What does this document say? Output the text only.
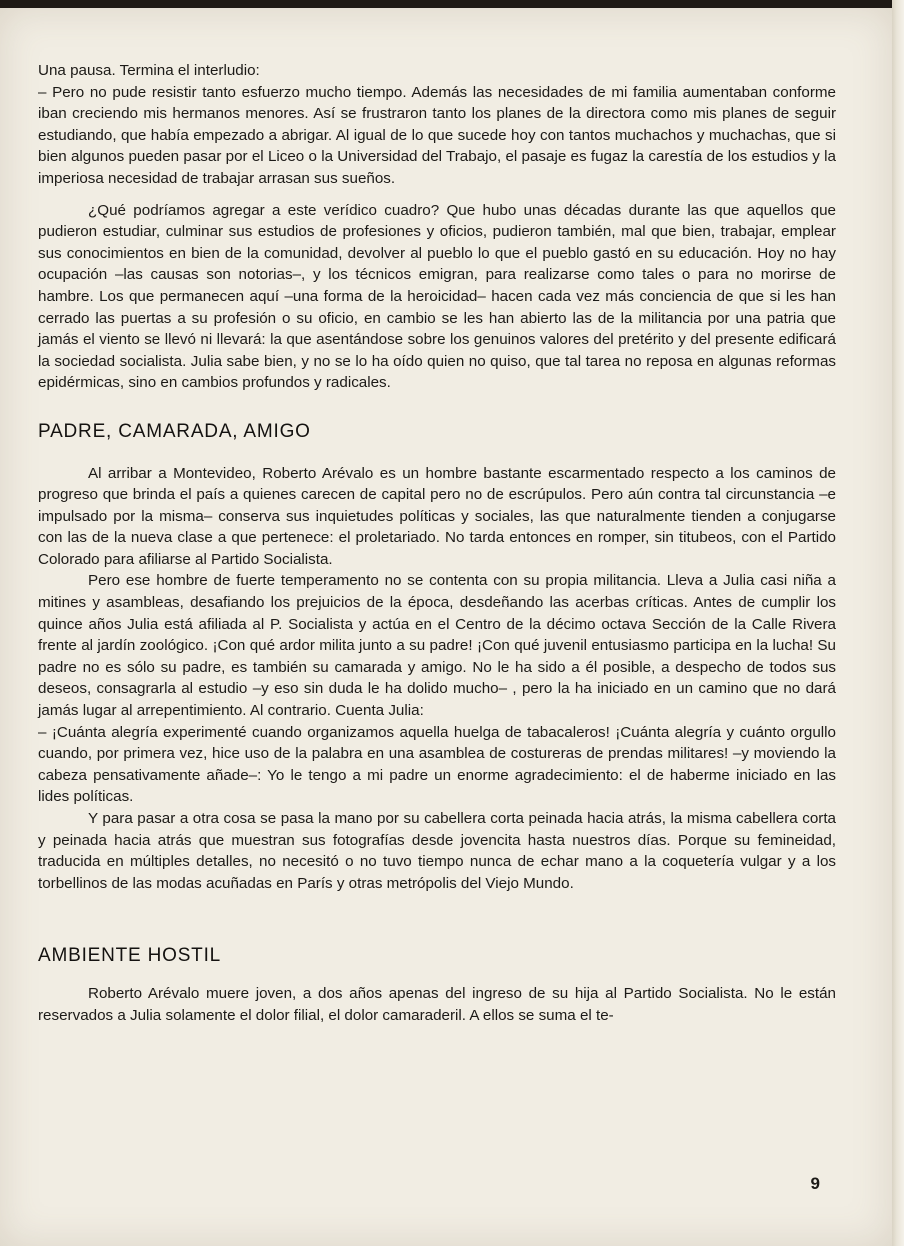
Una pausa. Termina el interludio:

– Pero no pude resistir tanto esfuerzo mucho tiempo. Además las necesidades de mi familia aumentaban conforme iban creciendo mis hermanos menores. Así se frustraron tanto los planes de la directora como mis planes de seguir estudiando, que había empezado a abrigar. Al igual de lo que sucede hoy con tantos muchachos y muchachas, que si bien algunos pueden pasar por el Liceo o la Universidad del Trabajo, el pasaje es fugaz la carestía de los estudios y la imperiosa necesidad de trabajar arrasan sus sueños.

¿Qué podríamos agregar a este verídico cuadro? Que hubo unas décadas durante las que aquellos que pudieron estudiar, culminar sus estudios de profesiones y oficios, pudieron también, mal que bien, trabajar, emplear sus conocimientos en bien de la comunidad, devolver al pueblo lo que el pueblo gastó en su educación. Hoy no hay ocupación –las causas son notorias–, y los técnicos emigran, para realizarse como tales o para no morirse de hambre. Los que permanecen aquí –una forma de la heroicidad– hacen cada vez más conciencia de que si les han cerrado las puertas a su profesión o su oficio, en cambio se les han abierto las de la militancia por una patria que jamás el viento se llevó ni llevará: la que asentándose sobre los genuinos valores del pretérito y del presente edificará la sociedad socialista. Julia sabe bien, y no se lo ha oído quien no quiso, que tal tarea no reposa en algunas reformas epidérmicas, sino en cambios profundos y radicales.

PADRE, CAMARADA, AMIGO

Al arribar a Montevideo, Roberto Arévalo es un hombre bastante escarmentado respecto a los caminos de progreso que brinda el país a quienes carecen de capital pero no de escrúpulos. Pero aún contra tal circunstancia –e impulsado por la misma– conserva sus inquietudes políticas y sociales, las que naturalmente tienden a conjugarse con las de la nueva clase a que pertenece: el proletariado. No tarda entonces en romper, sin titubeos, con el Partido Colorado para afiliarse al Partido Socialista.

Pero ese hombre de fuerte temperamento no se contenta con su propia militancia. Lleva a Julia casi niña a mitines y asambleas, desafiando los prejuicios de la época, desdeñando las acerbas críticas. Antes de cumplir los quince años Julia está afiliada al P. Socialista y actúa en el Centro de la décimo octava Sección de la Calle Rivera frente al jardín zoológico. ¡Con qué ardor milita junto a su padre! ¡Con qué juvenil entusiasmo participa en la lucha! Su padre no es sólo su padre, es también su camarada y amigo. No le ha sido a él posible, a despecho de todos sus deseos, consagrarla al estudio –y eso sin duda le ha dolido mucho– , pero la ha iniciado en un camino que no dará jamás lugar al arrepentimiento. Al contrario. Cuenta Julia:

– ¡Cuánta alegría experimenté cuando organizamos aquella huelga de tabacaleros! ¡Cuánta alegría y cuánto orgullo cuando, por primera vez, hice uso de la palabra en una asamblea de costureras de prendas militares! –y moviendo la cabeza pensativamente añade–: Yo le tengo a mi padre un enorme agradecimiento: el de haberme iniciado en las lides políticas.

Y para pasar a otra cosa se pasa la mano por su cabellera corta peinada hacia atrás, la misma cabellera corta y peinada hacia atrás que muestran sus fotografías desde jovencita hasta nuestros días. Porque su femineidad, traducida en múltiples detalles, no necesitó o no tuvo tiempo nunca de echar mano a la coquetería vulgar y a los torbellinos de las modas acuñadas en París y otras metrópolis del Viejo Mundo.

AMBIENTE HOSTIL

Roberto Arévalo muere joven, a dos años apenas del ingreso de su hija al Partido Socialista. No le están reservados a Julia solamente el dolor filial, el dolor camaraderil. A ellos se suma el te-

9
